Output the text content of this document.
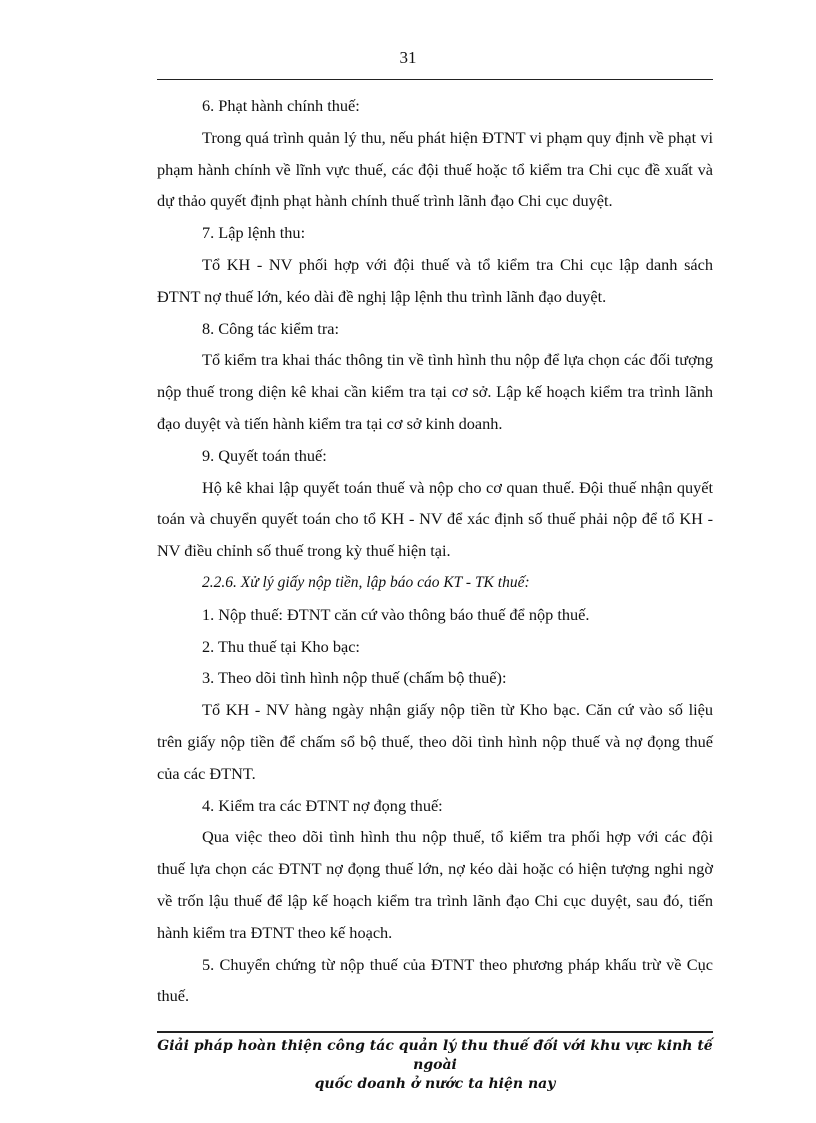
31

6. Phạt hành chính thuế:

Trong quá trình quản lý thu, nếu phát hiện ĐTNT vi phạm quy định về phạt vi phạm hành chính về lĩnh vực thuế, các đội thuế hoặc tổ kiểm tra Chi cục đề xuất và dự thảo quyết định phạt hành chính thuế trình lãnh đạo Chi cục duyệt.

7. Lập lệnh thu:

Tổ KH - NV phối hợp với đội thuế và tổ kiểm tra Chi cục lập danh sách ĐTNT nợ thuế lớn, kéo dài đề nghị lập lệnh thu trình lãnh đạo duyệt.

8. Công tác kiểm tra:

Tổ kiểm tra khai thác thông tin về tình hình thu nộp để lựa chọn các đối tượng nộp thuế trong diện kê khai cần kiểm tra tại cơ sở. Lập kế hoạch kiểm tra trình lãnh đạo duyệt và tiến hành kiểm tra tại cơ sở kinh doanh.

9. Quyết toán thuế:

Hộ kê khai lập quyết toán thuế và nộp cho cơ quan thuế. Đội thuế nhận quyết toán và chuyển quyết toán cho tổ KH - NV để xác định số thuế phải nộp để tổ KH - NV điều chỉnh số thuế trong kỳ thuế hiện tại.

2.2.6. Xử lý giấy nộp tiền, lập báo cáo KT - TK thuế:

1. Nộp thuế: ĐTNT căn cứ vào thông báo thuế để nộp thuế.

2. Thu thuế tại Kho bạc:

3. Theo dõi tình hình nộp thuế (chấm bộ thuế):

Tổ KH - NV hàng ngày nhận giấy nộp tiền từ Kho bạc. Căn cứ vào số liệu trên giấy nộp tiền để chấm sổ bộ thuế, theo dõi tình hình nộp thuế và nợ đọng thuế của các ĐTNT.

4. Kiểm tra các ĐTNT nợ đọng thuế:

Qua việc theo dõi tình hình thu nộp thuế, tổ kiểm tra phối hợp với các đội thuế lựa chọn các ĐTNT nợ đọng thuế lớn, nợ kéo dài hoặc có hiện tượng nghi ngờ về trốn lậu thuế để lập kế hoạch kiểm tra trình lãnh đạo Chi cục duyệt, sau đó, tiến hành kiểm tra ĐTNT theo kế hoạch.

5. Chuyển chứng từ nộp thuế của ĐTNT theo phương pháp khấu trừ về Cục thuế.

Giải pháp hoàn thiện công tác quản lý thu thuế đối với khu vực kinh tế ngoài
quốc doanh ở nước ta hiện nay
